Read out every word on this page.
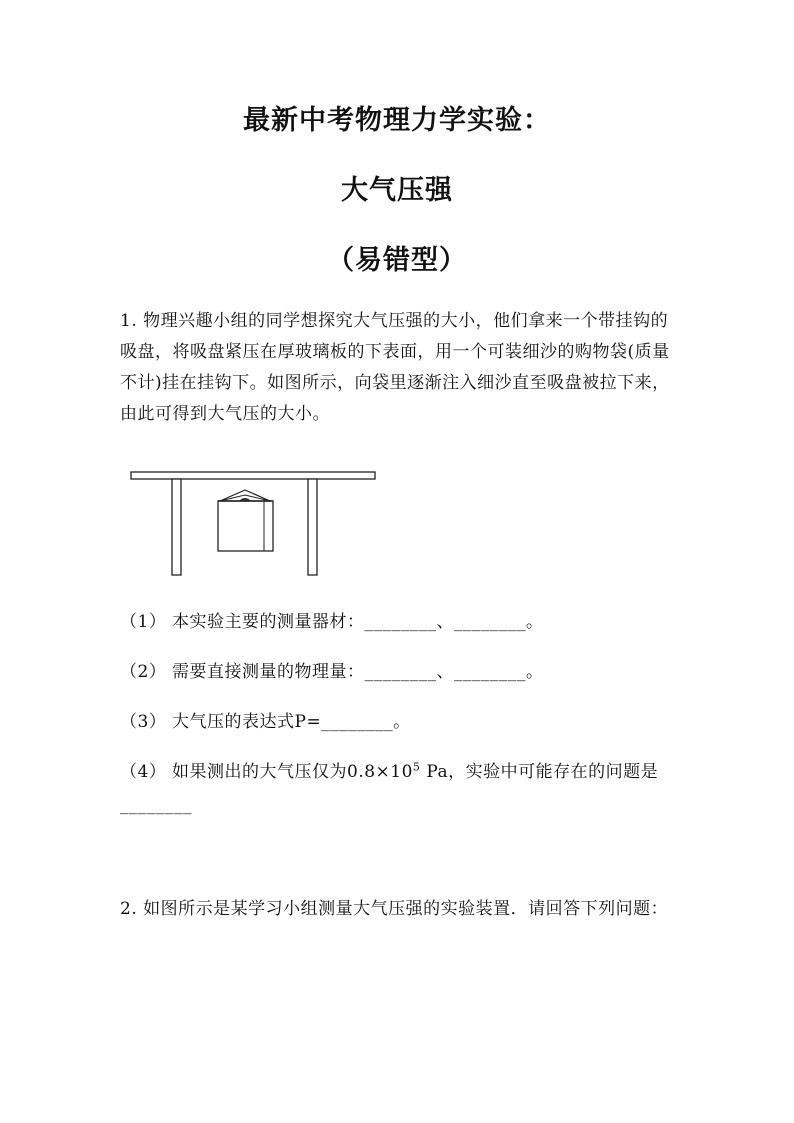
最新中考物理力学实验：
大气压强
（易错型）
1. 物理兴趣小组的同学想探究大气压强的大小，他们拿来一个带挂钩的吸盘，将吸盘紧压在厚玻璃板的下表面，用一个可装细沙的购物袋(质量不计)挂在挂钩下。如图所示，向袋里逐渐注入细沙直至吸盘被拉下来，由此可得到大气压的大小。
（1） 本实验主要的测量器材：________、________。
（2） 需要直接测量的物理量：________、________。
（3） 大气压的表达式P=________。
（4） 如果测出的大气压仅为$0.8\times 10^5$ Pa，实验中可能存在的问题是________
2. 如图所示是某学习小组测量大气压强的实验装置．请回答下列问题：
